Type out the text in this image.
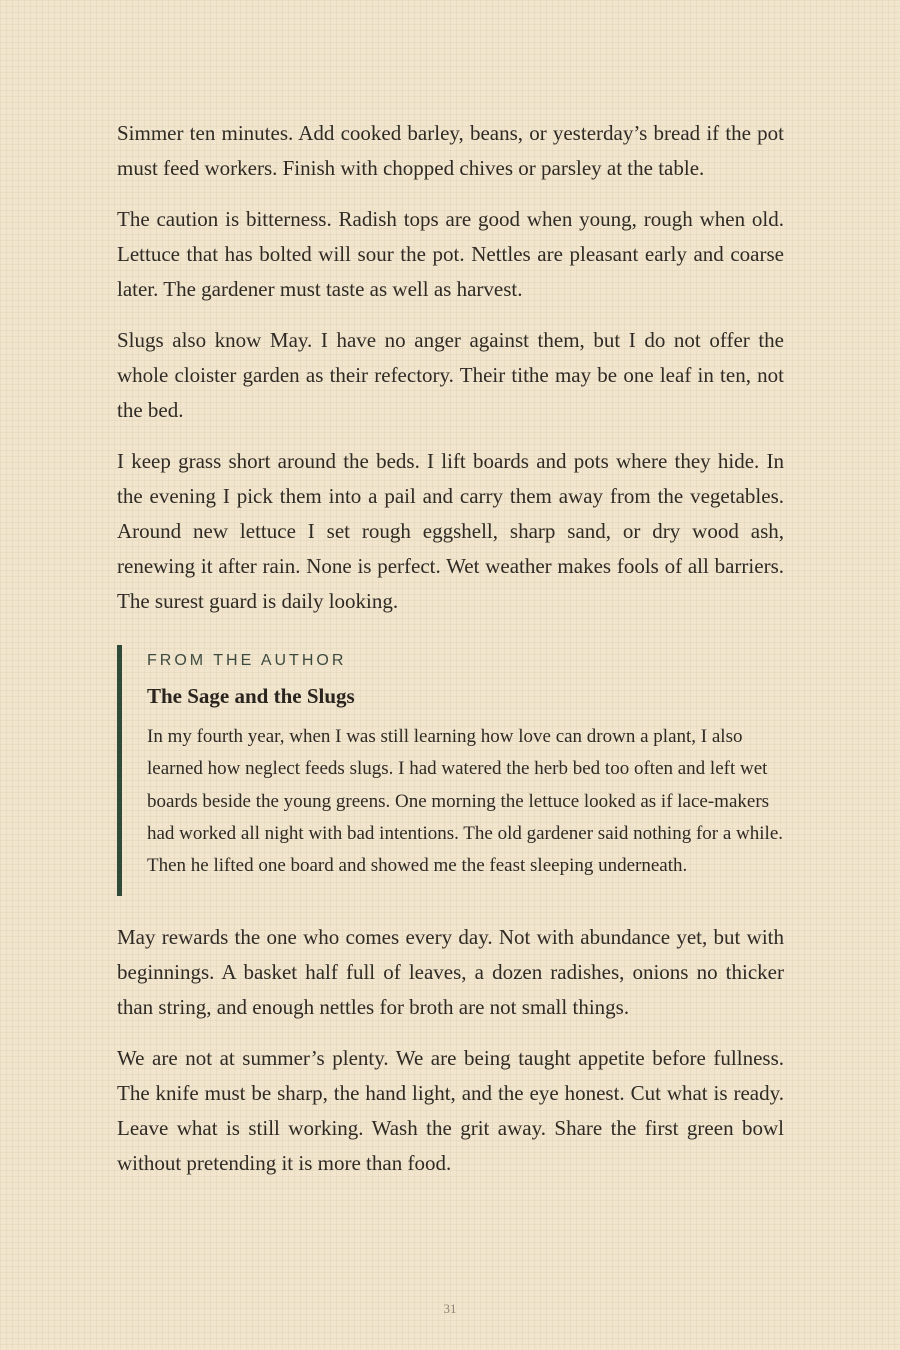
Simmer ten minutes. Add cooked barley, beans, or yesterday’s bread if the pot must feed workers. Finish with chopped chives or parsley at the table.

The caution is bitterness. Radish tops are good when young, rough when old. Lettuce that has bolted will sour the pot. Nettles are pleasant early and coarse later. The gardener must taste as well as harvest.

Slugs also know May. I have no anger against them, but I do not offer the whole cloister garden as their refectory. Their tithe may be one leaf in ten, not the bed.

I keep grass short around the beds. I lift boards and pots where they hide. In the evening I pick them into a pail and carry them away from the vegetables. Around new lettuce I set rough eggshell, sharp sand, or dry wood ash, renewing it after rain. None is perfect. Wet weather makes fools of all barriers. The surest guard is daily looking.

FROM THE AUTHOR
The Sage and the Slugs

In my fourth year, when I was still learning how love can drown a plant, I also learned how neglect feeds slugs. I had watered the herb bed too often and left wet boards beside the young greens. One morning the lettuce looked as if lace-makers had worked all night with bad intentions. The old gardener said nothing for a while. Then he lifted one board and showed me the feast sleeping underneath.

May rewards the one who comes every day. Not with abundance yet, but with beginnings. A basket half full of leaves, a dozen radishes, onions no thicker than string, and enough nettles for broth are not small things.

We are not at summer’s plenty. We are being taught appetite before fullness. The knife must be sharp, the hand light, and the eye honest. Cut what is ready. Leave what is still working. Wash the grit away. Share the first green bowl without pretending it is more than food.

31
